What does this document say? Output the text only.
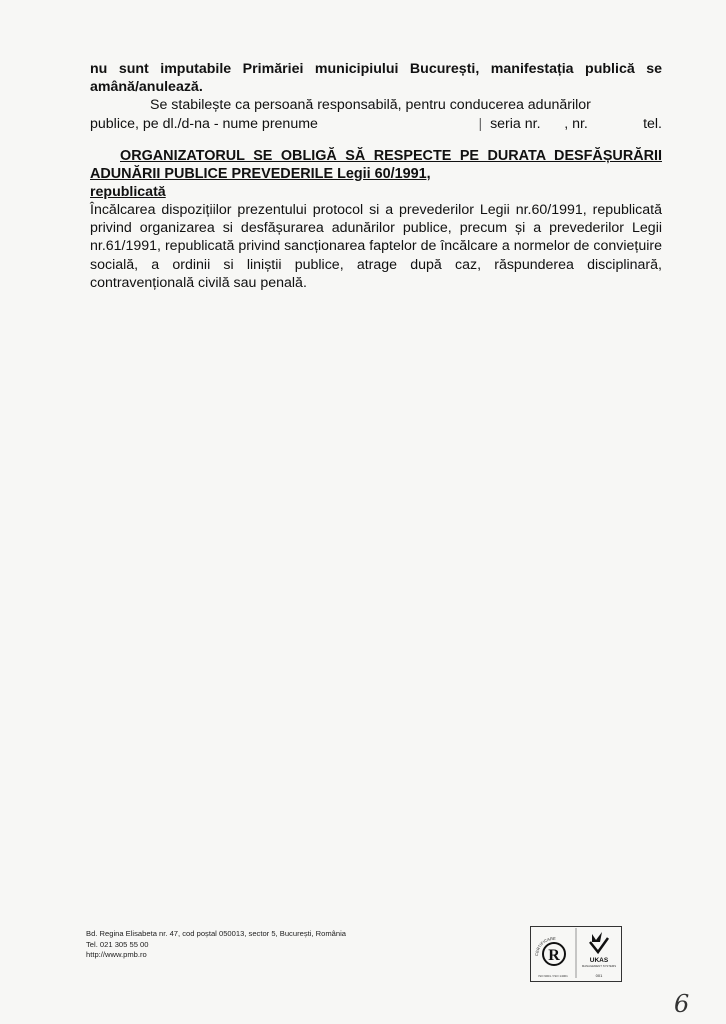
nu sunt imputabile Primăriei municipiului București, manifestația publică se amână/anulează.

Se stabilește ca persoană responsabilă, pentru conducerea adunărilor

publice, pe dl./d-na - nume prenume	| seria nr. , nr.	tel.

ORGANIZATORUL SE OBLIGĂ SĂ RESPECTE PE DURATA DESFĂȘURĂRII ADUNĂRII PUBLICE PREVEDERILE Legii 60/1991,

republicată

Încălcarea dispozițiilor prezentului protocol si a prevederilor Legii nr.60/1991, republicată privind organizarea si desfășurarea adunărilor publice, precum și a prevederilor Legii nr.61/1991, republicată privind sancționarea faptelor de încălcare a normelor de conviețuire socială, a ordinii si liniștii publice, atrage după caz, răspunderea disciplinară, contravențională civilă sau penală.

Bd. Regina Elisabeta nr. 47, cod poștal 050013, sector 5, București, România
Tel. 021 305 55 00
http://www.pmb.ro	CERTIFICARE
R	UKAS
MANAGEMENT SYSTEMS
001
ISO 9001 / ISO 14001
6
